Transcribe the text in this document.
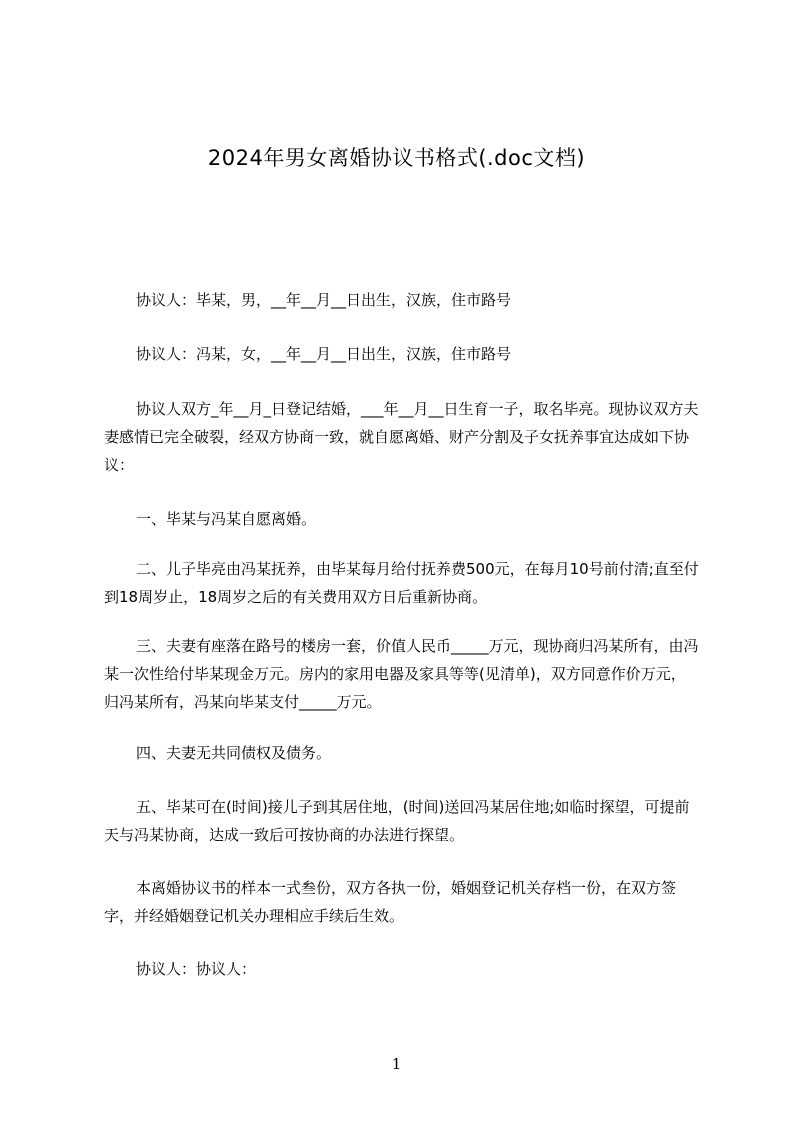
2024年男女离婚协议书格式(.doc文档)

协议人：毕某，男，__年__月__日出生，汉族，住市路号

协议人：冯某，女，__年__月__日出生，汉族，住市路号

协议人双方_年__月_日登记结婚，___年__月__日生育一子，取名毕亮。现协议双方夫妻感情已完全破裂，经双方协商一致，就自愿离婚、财产分割及子女抚养事宜达成如下协议：

一、毕某与冯某自愿离婚。

二、儿子毕亮由冯某抚养，由毕某每月给付抚养费500元，在每月10号前付清;直至付到18周岁止，18周岁之后的有关费用双方日后重新协商。

三、夫妻有座落在路号的楼房一套，价值人民币_____万元，现协商归冯某所有，由冯某一次性给付毕某现金万元。房内的家用电器及家具等等(见清单)，双方同意作价万元，归冯某所有，冯某向毕某支付_____万元。

四、夫妻无共同债权及债务。

五、毕某可在(时间)接儿子到其居住地，(时间)送回冯某居住地;如临时探望，可提前天与冯某协商，达成一致后可按协商的办法进行探望。

本离婚协议书的样本一式叁份，双方各执一份，婚姻登记机关存档一份，在双方签字，并经婚姻登记机关办理相应手续后生效。

协议人：协议人：

1
